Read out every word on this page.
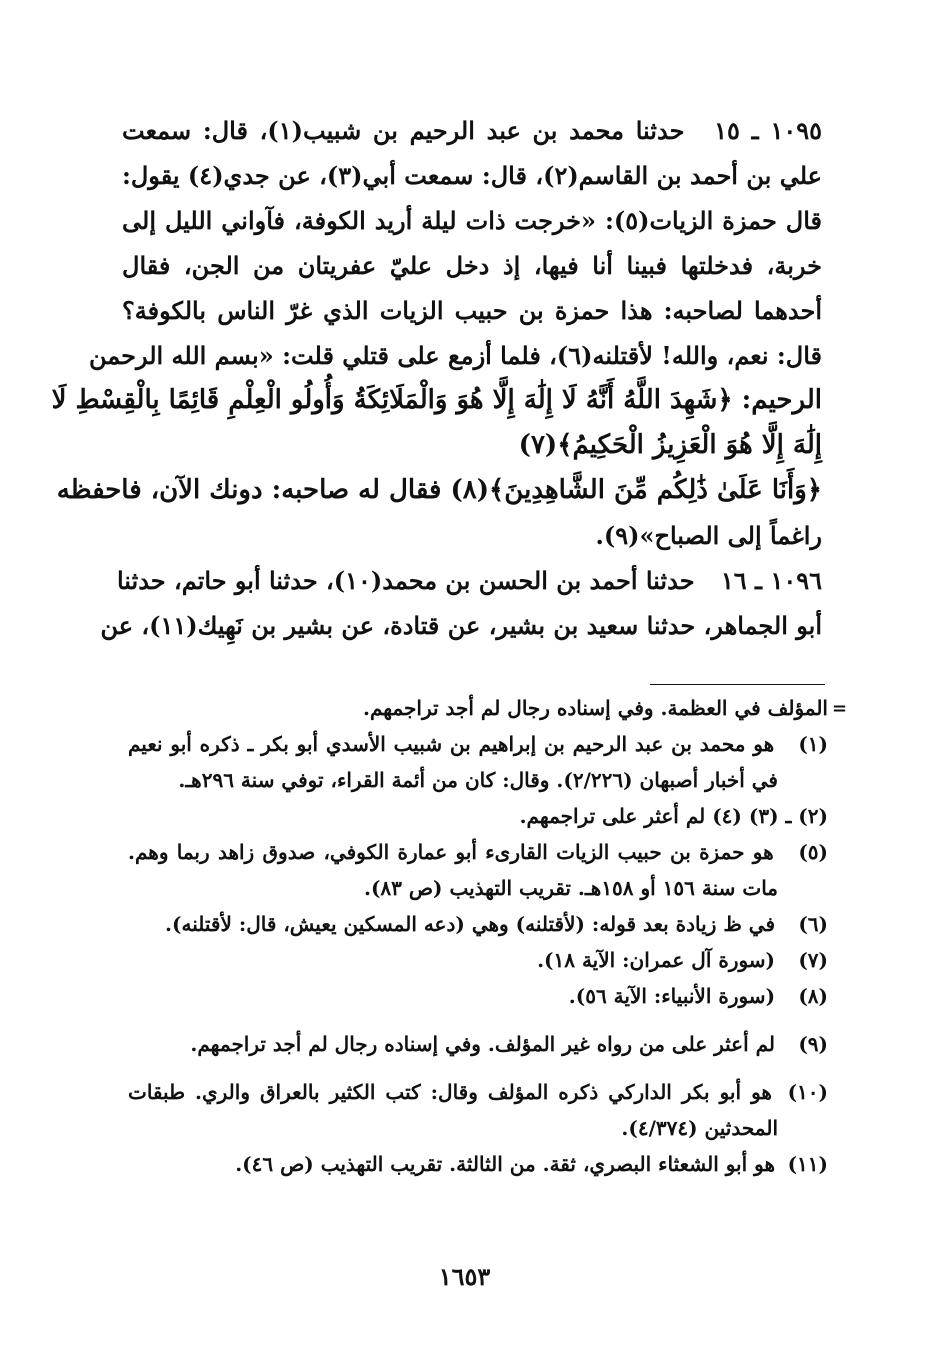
١٠٩٥ ـ ١٥ حدثنا محمد بن عبد الرحيم بن شبيب(١)، قال: سمعت
علي بن أحمد بن القاسم(٢)، قال: سمعت أبي(٣)، عن جدي(٤) يقول:
قال حمزة الزيات(٥): «خرجت ذات ليلة أريد الكوفة، فآواني الليل إلى
خربة، فدخلتها فبينا أنا فيها، إذ دخل عليّ عفريتان من الجن، فقال
أحدهما لصاحبه: هذا حمزة بن حبيب الزيات الذي غرّ الناس بالكوفة؟
قال: نعم، والله! لأقتلنه(٦)، فلما أزمع على قتلي قلت: «بسم الله الرحمن
الرحيم: ﴿شَهِدَ اللَّهُ أَنَّهُ لَا إِلَٰهَ إِلَّا هُوَ وَالْمَلَائِكَةُ وَأُولُو الْعِلْمِ قَائِمًا بِالْقِسْطِ لَا
إِلَٰهَ إِلَّا هُوَ الْعَزِيزُ الْحَكِيمُ﴾(٧)
﴿وَأَنَا عَلَىٰ ذَٰلِكُم مِّنَ الشَّاهِدِينَ﴾(٨) فقال له صاحبه: دونك الآن، فاحفظه
راغماً إلى الصباح»(٩).
١٠٩٦ ـ ١٦ حدثنا أحمد بن الحسن بن محمد(١٠)، حدثنا أبو حاتم، حدثنا
أبو الجماهر، حدثنا سعيد بن بشير، عن قتادة، عن بشير بن نَهِيك(١١)، عن
=
المؤلف في العظمة. وفي إسناده رجال لم أجد تراجمهم.
(١) هو محمد بن عبد الرحيم بن إبراهيم بن شبيب الأسدي أبو بكر ـ ذكره أبو نعيم
في أخبار أصبهان (٢/٢٢٦). وقال: كان من أئمة القراء، توفي سنة ٢٩٦هـ.
(٢) ـ (٣) (٤) لم أعثر على تراجمهم.
(٥) هو حمزة بن حبيب الزيات القارىء أبو عمارة الكوفي، صدوق زاهد ربما وهم.
مات سنة ١٥٦ أو ١٥٨هـ. تقريب التهذيب (ص ٨٣).
(٦) في ظ زيادة بعد قوله: (لأقتلنه) وهي (دعه المسكين يعيش، قال: لأقتلنه).
(٧) (سورة آل عمران: الآية ١٨).
(٨) (سورة الأنبياء: الآية ٥٦).
(٩) لم أعثر على من رواه غير المؤلف. وفي إسناده رجال لم أجد تراجمهم.
(١٠) هو أبو بكر الداركي ذكره المؤلف وقال: كتب الكثير بالعراق والري. طبقات
المحدثين (٤/٣٧٤).
(١١) هو أبو الشعثاء البصري، ثقة. من الثالثة. تقريب التهذيب (ص ٤٦).
١٦٥٣
